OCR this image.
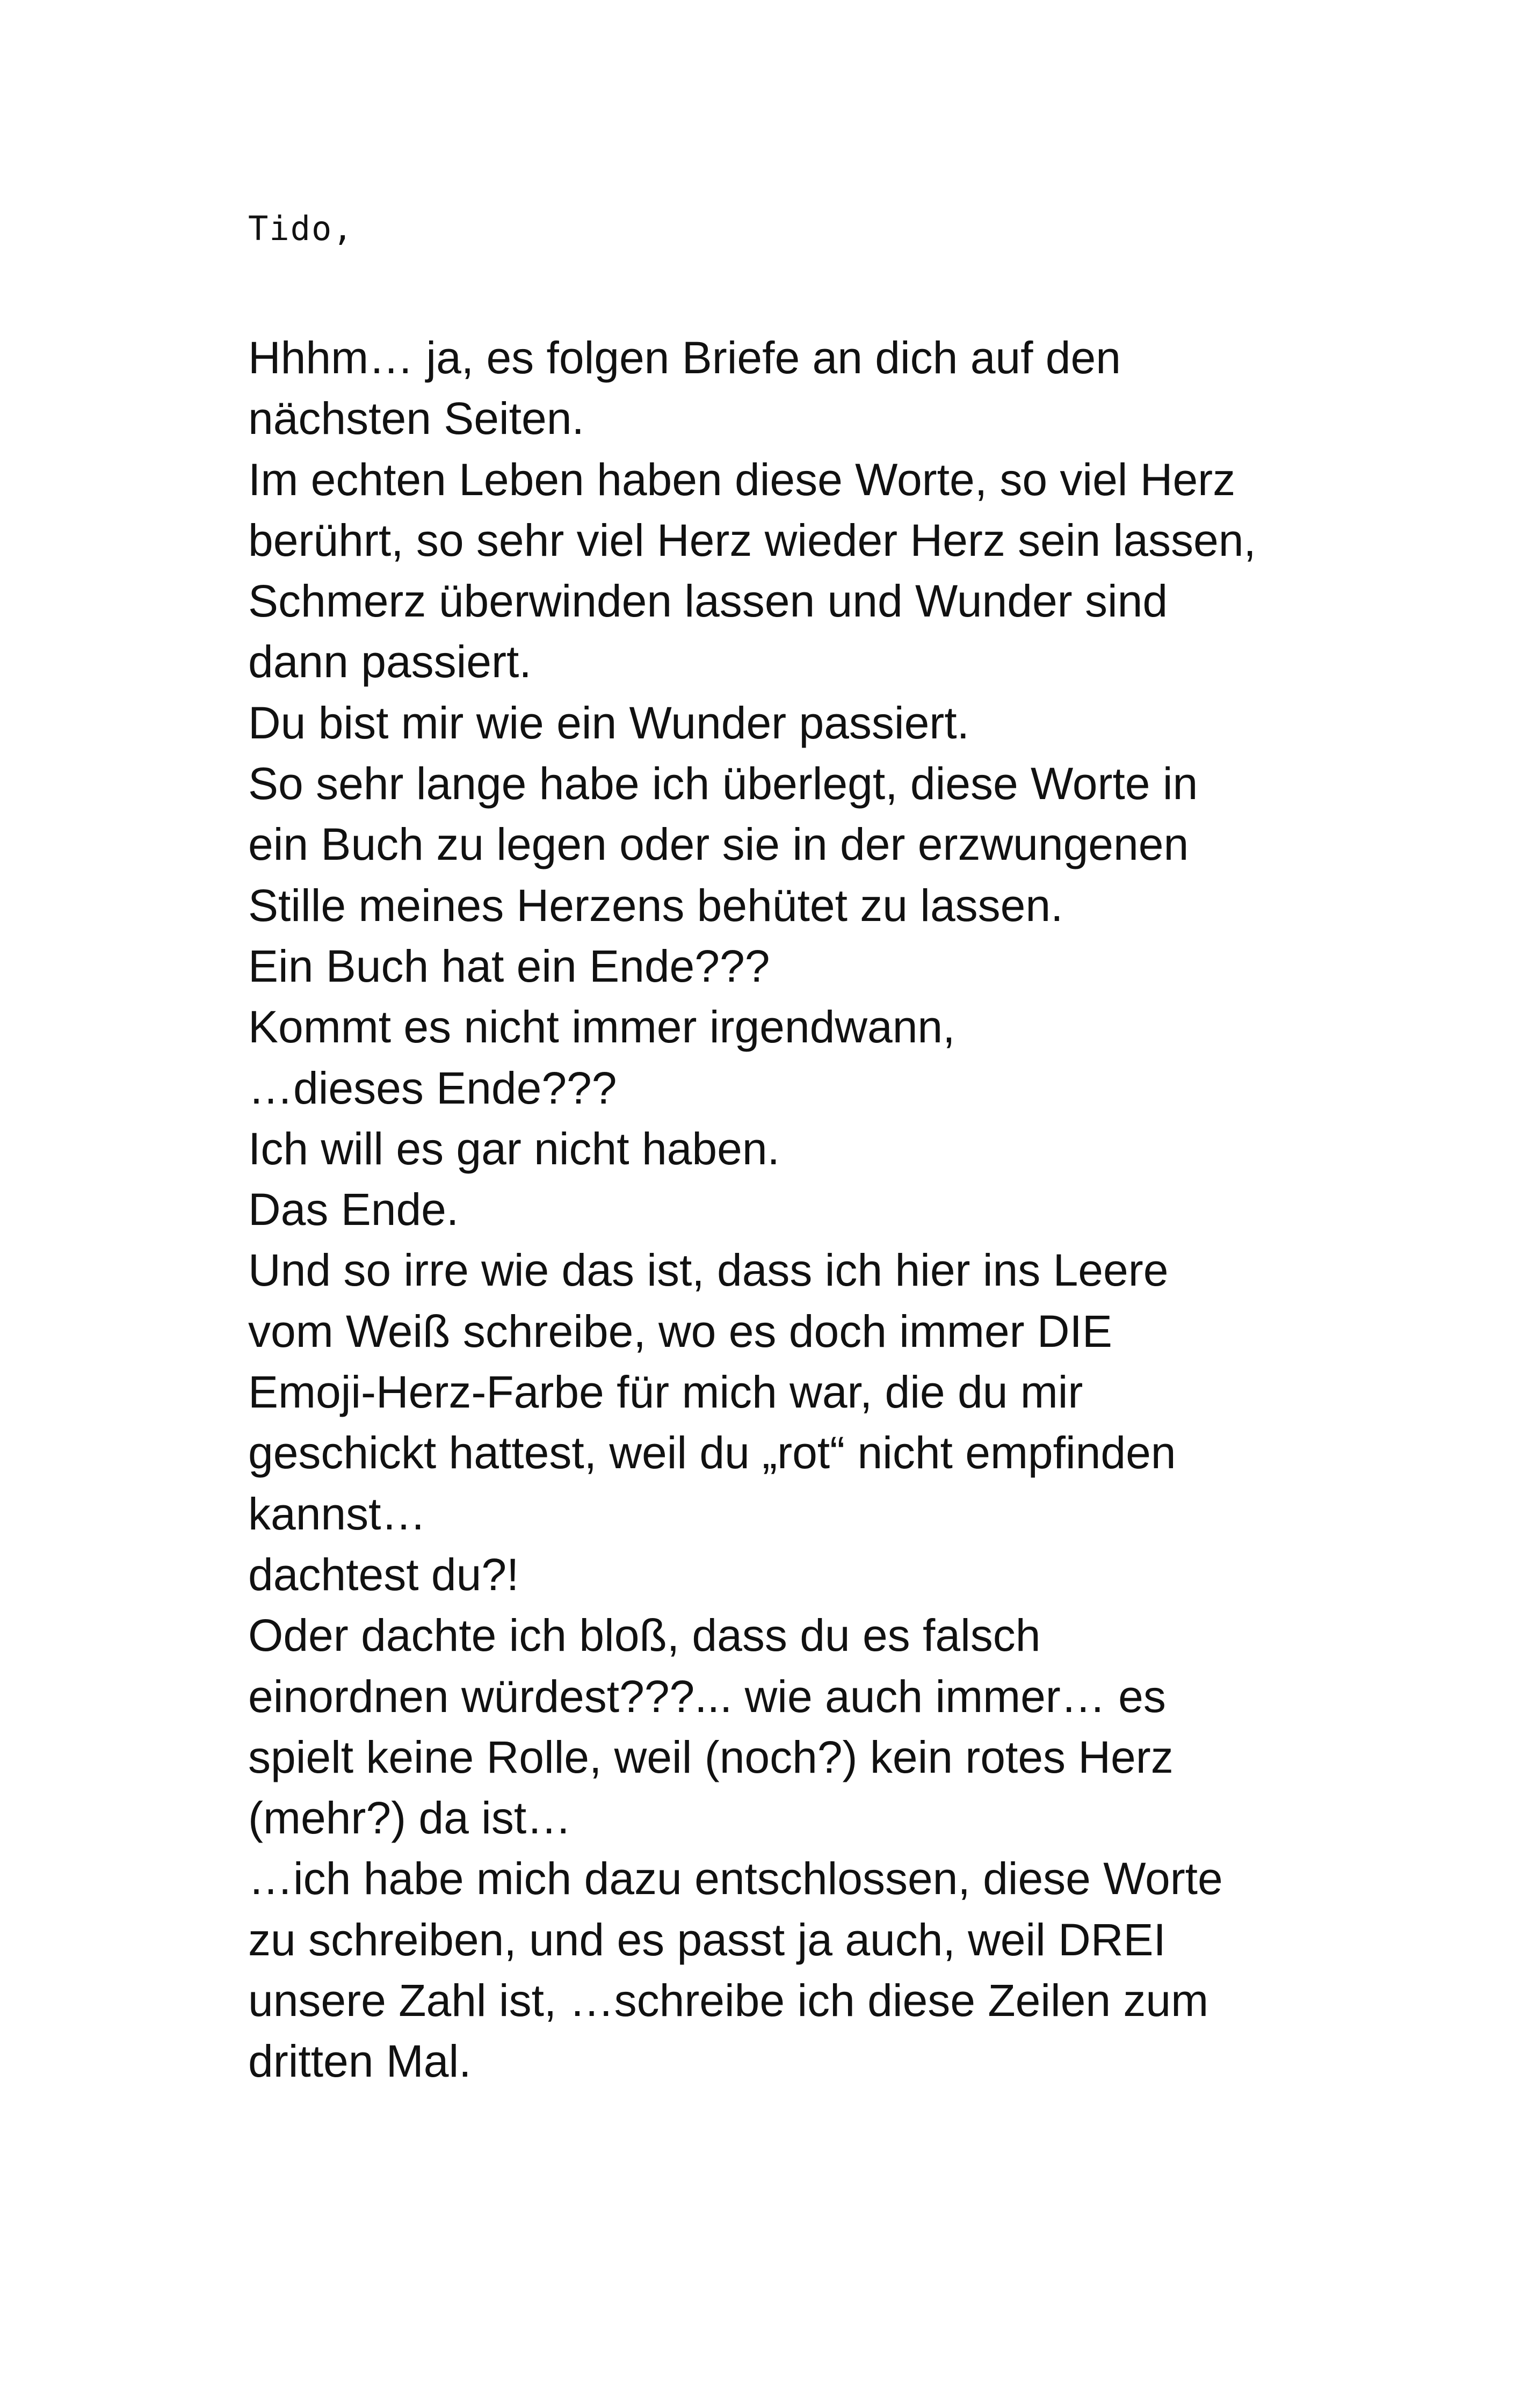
Tido,
Hhhm… ja, es folgen Briefe an dich auf den
nächsten Seiten.
Im echten Leben haben diese Worte, so viel Herz
berührt, so sehr viel Herz wieder Herz sein lassen,
Schmerz überwinden lassen und Wunder sind
dann passiert.
Du bist mir wie ein Wunder passiert.
So sehr lange habe ich überlegt, diese Worte in
ein Buch zu legen oder sie in der erzwungenen
Stille meines Herzens behütet zu lassen.
Ein Buch hat ein Ende???
Kommt es nicht immer irgendwann,
…dieses Ende???
Ich will es gar nicht haben.
Das Ende.
Und so irre wie das ist, dass ich hier ins Leere
vom Weiß schreibe, wo es doch immer DIE
Emoji-Herz-Farbe für mich war, die du mir
geschickt hattest, weil du „rot“ nicht empfinden
kannst…
dachtest du?!
Oder dachte ich bloß, dass du es falsch
einordnen würdest???... wie auch immer… es
spielt keine Rolle, weil (noch?) kein rotes Herz
(mehr?) da ist…
…ich habe mich dazu entschlossen, diese Worte
zu schreiben, und es passt ja auch, weil DREI
unsere Zahl ist, …schreibe ich diese Zeilen zum
dritten Mal.
